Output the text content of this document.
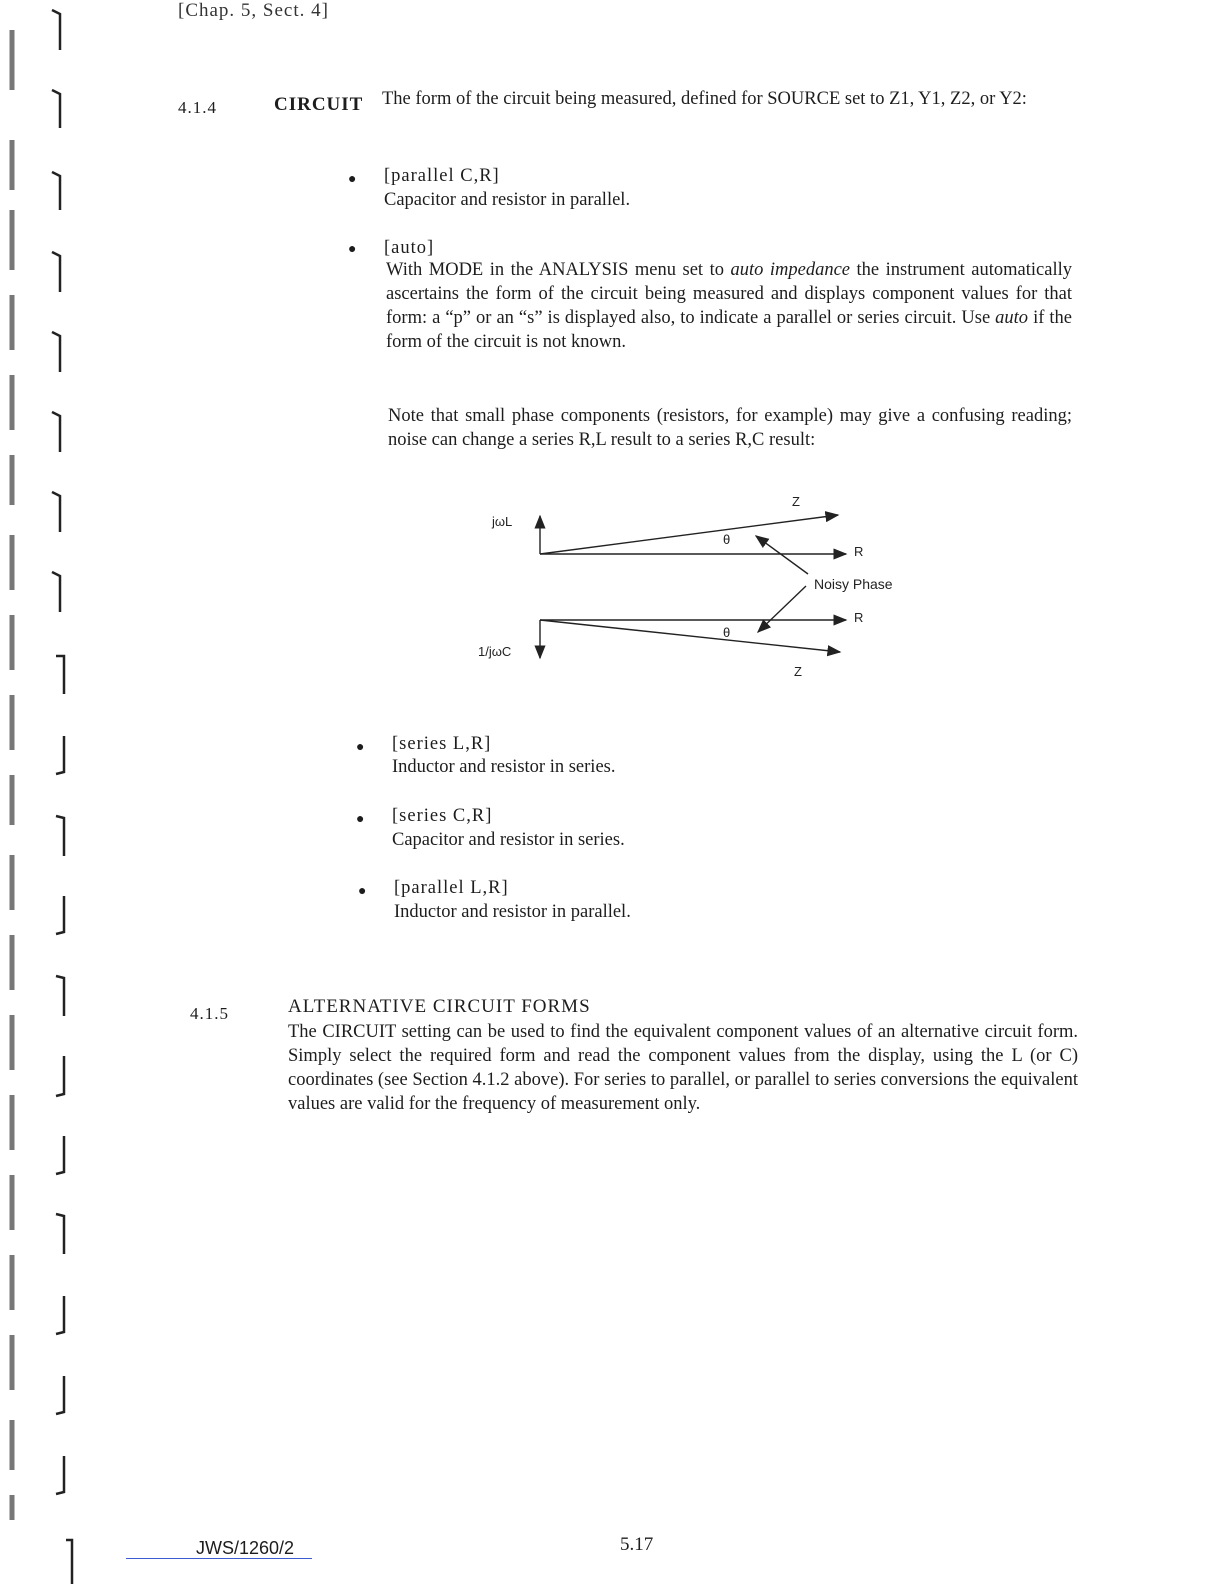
[Chap. 5, Sect. 4]
4.1.4	CIRCUIT The form of the circuit being measured, defined for SOURCE set to Z1, Y1, Z2, or Y2:
● [parallel C,R]
Capacitor and resistor in parallel.
● [auto]
With MODE in the ANALYSIS menu set to auto impedance the instrument automatically ascertains the form of the circuit being measured and displays component values for that form: a “p” or an “s” is displayed also, to indicate a parallel or series circuit. Use auto if the form of the circuit is not known.
Note that small phase components (resistors, for example) may give a confusing reading; noise can change a series R,L result to a series R,C result:
jωL
1/jωC
Z
Z
R
R
θ
θ
Noisy Phase
● [series L,R]
Inductor and resistor in series.
● [series C,R]
Capacitor and resistor in series.
● [parallel L,R]
Inductor and resistor in parallel.
4.1.5	ALTERNATIVE CIRCUIT FORMS
The CIRCUIT setting can be used to find the equivalent component values of an alternative circuit form. Simply select the required form and read the component values from the display, using the L (or C) coordinates (see Section 4.1.2 above). For series to parallel, or parallel to series conversions the equivalent values are valid for the frequency of measurement only.
JWS/1260/2	5.17
